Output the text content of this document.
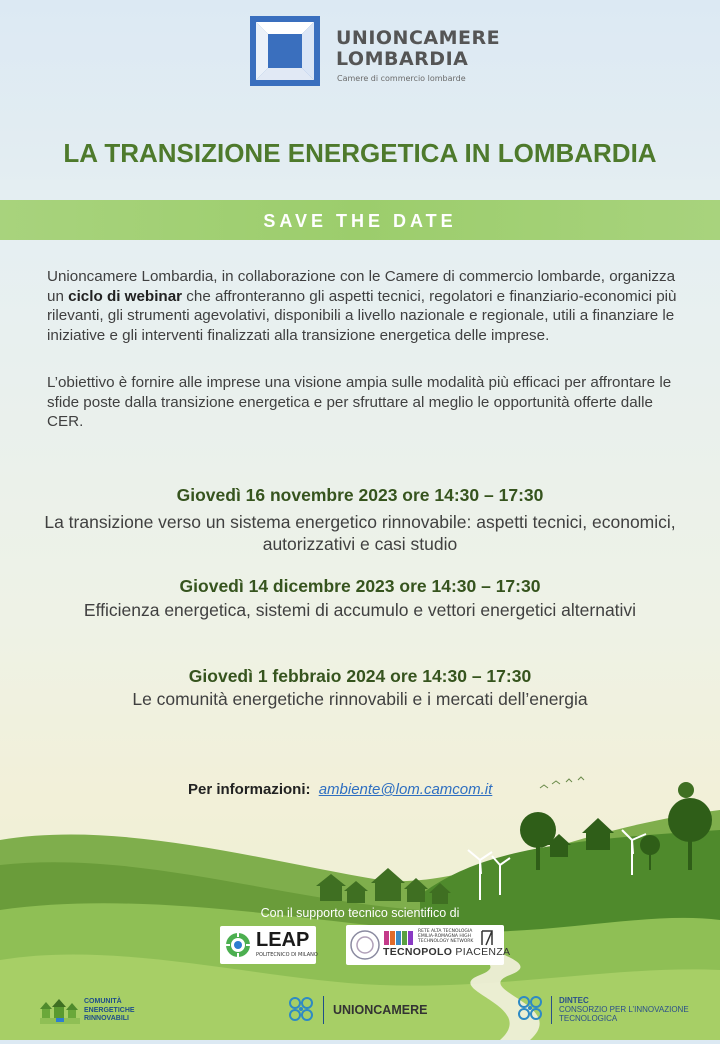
UNIONCAMERE
LOMBARDIA
Camere di commercio lombarde
LA TRANSIZIONE ENERGETICA IN LOMBARDIA
SAVE THE DATE
Unioncamere Lombardia, in collaborazione con le Camere di commercio lombarde, organizza un ciclo di webinar che affronteranno gli aspetti tecnici, regolatori e finanziario-economici più rilevanti, gli strumenti agevolativi, disponibili a livello nazionale e regionale, utili a finanziare le iniziative e gli interventi finalizzati alla transizione energetica delle imprese.
L’obiettivo è fornire alle imprese una visione ampia sulle modalità più efficaci per affrontare le sfide poste dalla transizione energetica e per sfruttare al meglio le opportunità offerte dalle CER.
Giovedì 16 novembre 2023 ore 14:30 – 17:30
La transizione verso un sistema energetico rinnovabile: aspetti tecnici, economici, autorizzativi e casi studio
Giovedì 14 dicembre 2023 ore 14:30 – 17:30
Efficienza energetica, sistemi di accumulo e vettori energetici alternativi
Giovedì 1 febbraio 2024 ore 14:30 – 17:30
Le comunità energetiche rinnovabili e i mercati dell’energia
Per informazioni: ambiente@lom.camcom.it
Con il supporto tecnico scientifico di
LEAP
POLITECNICO DI MILANO
RETE ALTA TECNOLOGIA EMILIA-ROMAGNA HIGH TECHNOLOGY NETWORK
TECNOPOLO PIACENZA
COMUNITÀ
ENERGETICHE
RINNOVABILI
UNIONCAMERE
DINTEC
CONSORZIO PER L’INNOVAZIONE
TECNOLOGICA
